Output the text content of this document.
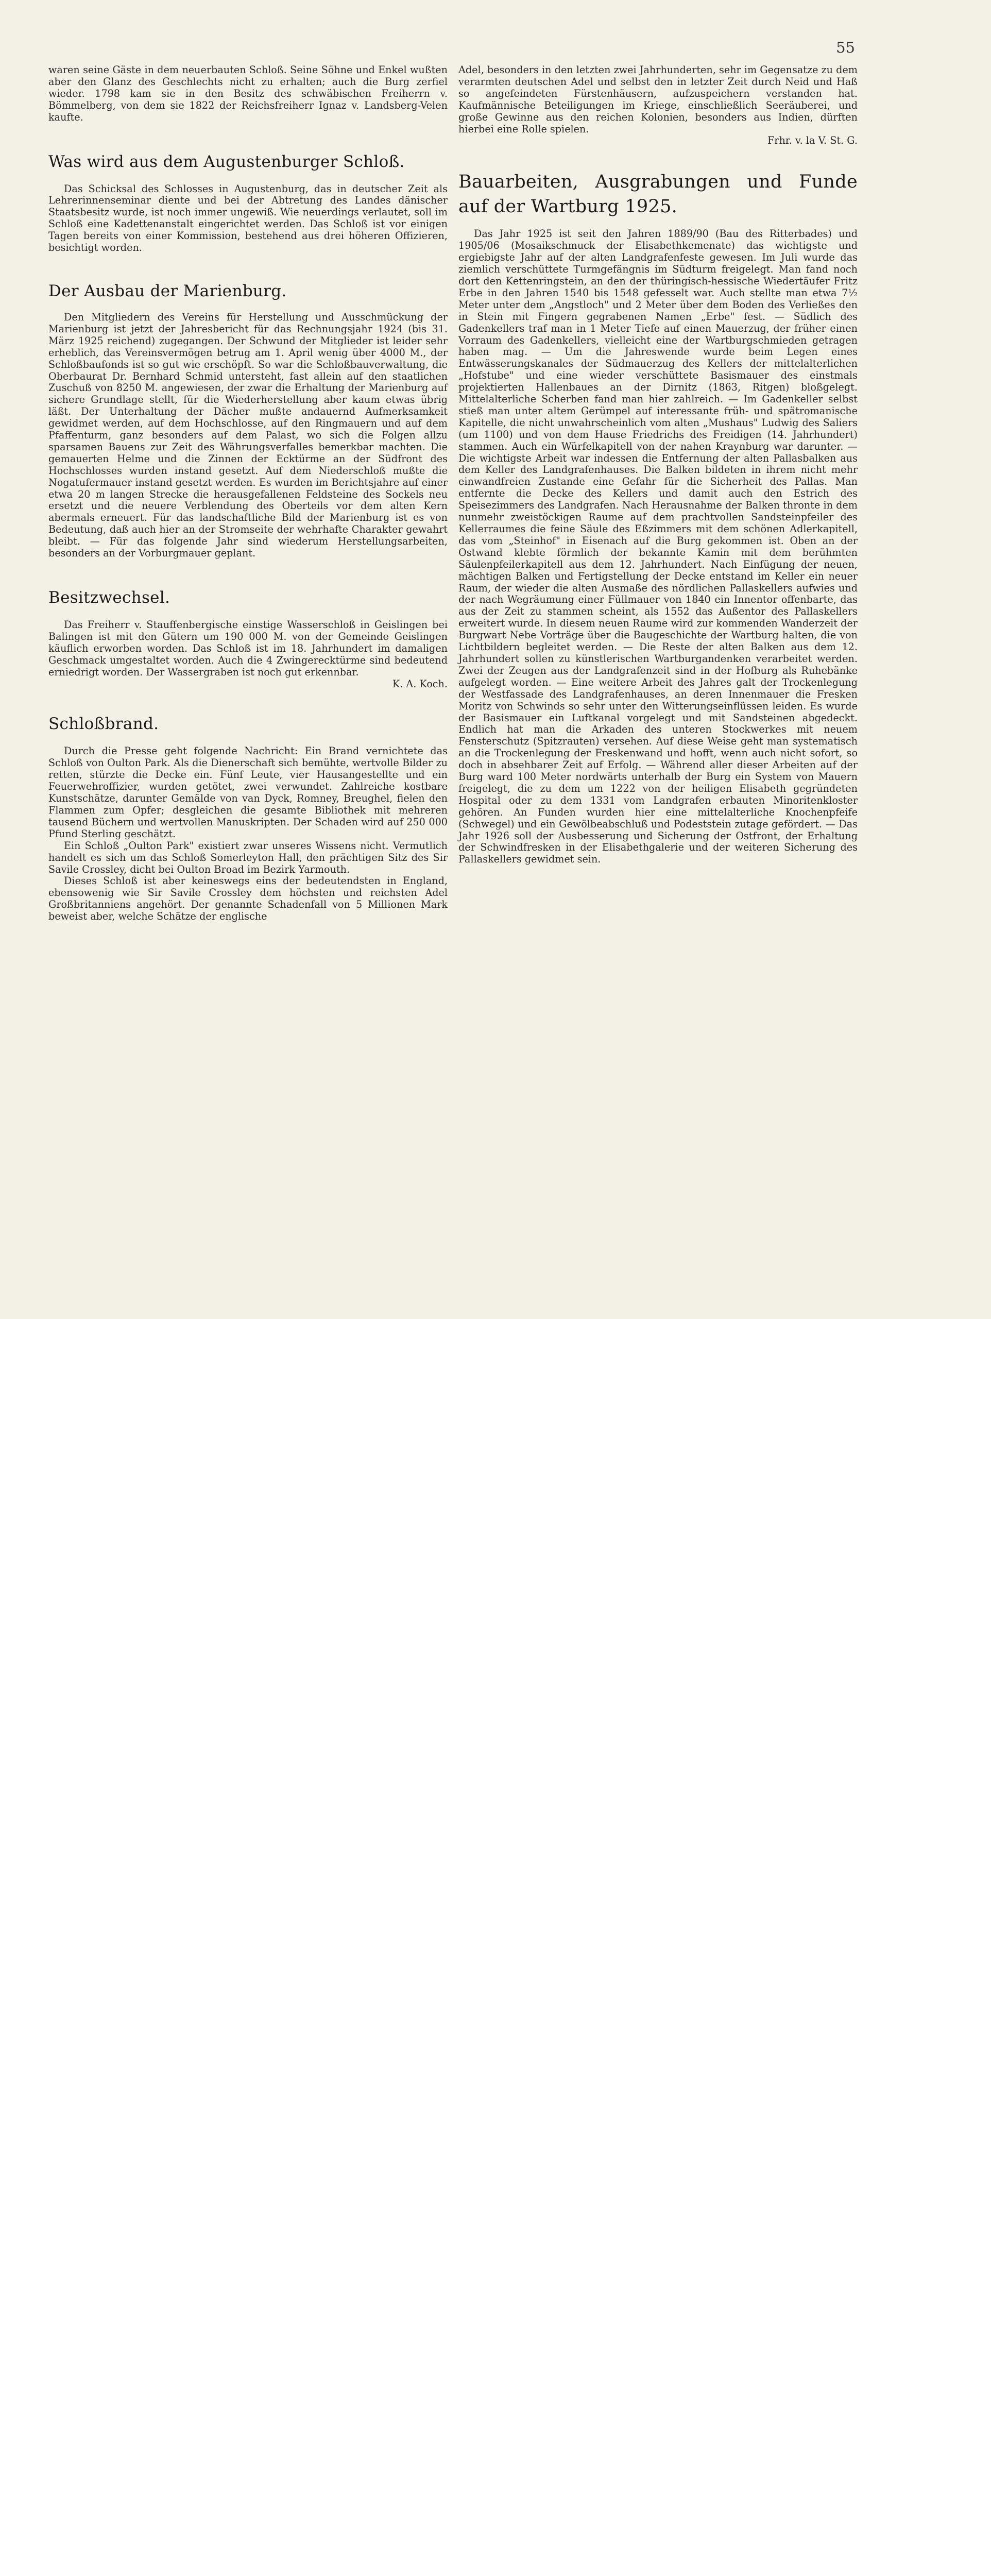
55

waren seine Gäste in dem neuerbauten Schloß. Seine Söhne und Enkel wußten aber den Glanz des Geschlechts nicht zu erhalten; auch die Burg zerfiel wieder. 1798 kam sie in den Besitz des schwäbischen Freiherrn v. Bömmelberg, von dem sie 1822 der Reichsfreiherr Ignaz v. Landsberg-Velen kaufte.

Was wird aus dem Augustenburger Schloß.

Das Schicksal des Schlosses in Augustenburg, das in deutscher Zeit als Lehrerinnenseminar diente und bei der Abtretung des Landes dänischer Staatsbesitz wurde, ist noch immer ungewiß. Wie neuerdings verlautet, soll im Schloß eine Kadettenanstalt eingerichtet werden. Das Schloß ist vor einigen Tagen bereits von einer Kommission, bestehend aus drei höheren Offizieren, besichtigt worden.

Der Ausbau der Marienburg.

Den Mitgliedern des Vereins für Herstellung und Ausschmückung der Marienburg ist jetzt der Jahresbericht für das Rechnungsjahr 1924 (bis 31. März 1925 reichend) zugegangen. Der Schwund der Mitglieder ist leider sehr erheblich, das Vereinsvermögen betrug am 1. April wenig über 4000 M., der Schloßbaufonds ist so gut wie erschöpft. So war die Schloßbauverwaltung, die Oberbaurat Dr. Bernhard Schmid untersteht, fast allein auf den staatlichen Zuschuß von 8250 M. angewiesen, der zwar die Erhaltung der Marienburg auf sichere Grundlage stellt, für die Wiederherstellung aber kaum etwas übrig läßt. Der Unterhaltung der Dächer mußte andauernd Aufmerksamkeit gewidmet werden, auf dem Hochschlosse, auf den Ringmauern und auf dem Pfaffenturm, ganz besonders auf dem Palast, wo sich die Folgen allzu sparsamen Bauens zur Zeit des Währungsverfalles bemerkbar machten. Die gemauerten Helme und die Zinnen der Ecktürme an der Südfront des Hochschlosses wurden instand gesetzt. Auf dem Niederschloß mußte die Nogatufermauer instand gesetzt werden. Es wurden im Berichtsjahre auf einer etwa 20 m langen Strecke die herausgefallenen Feldsteine des Sockels neu ersetzt und die neuere Verblendung des Oberteils vor dem alten Kern abermals erneuert. Für das landschaftliche Bild der Marienburg ist es von Bedeutung, daß auch hier an der Stromseite der wehrhafte Charakter gewahrt bleibt. — Für das folgende Jahr sind wiederum Herstellungsarbeiten, besonders an der Vorburgmauer geplant.

Besitzwechsel.

Das Freiherr v. Stauffenbergische einstige Wasserschloß in Geislingen bei Balingen ist mit den Gütern um 190 000 M. von der Gemeinde Geislingen käuflich erworben worden. Das Schloß ist im 18. Jahrhundert im damaligen Geschmack umgestaltet worden. Auch die 4 Zwingerecktürme sind bedeutend erniedrigt worden. Der Wassergraben ist noch gut erkennbar.

K. A. Koch.

Schloßbrand.

Durch die Presse geht folgende Nachricht: Ein Brand vernichtete das Schloß von Oulton Park. Als die Dienerschaft sich bemühte, wertvolle Bilder zu retten, stürzte die Decke ein. Fünf Leute, vier Hausangestellte und ein Feuerwehroffizier, wurden getötet, zwei verwundet. Zahlreiche kostbare Kunstschätze, darunter Gemälde von van Dyck, Romney, Breughel, fielen den Flammen zum Opfer; desgleichen die gesamte Bibliothek mit mehreren tausend Büchern und wertvollen Manuskripten. Der Schaden wird auf 250 000 Pfund Sterling geschätzt.

Ein Schloß „Oulton Park" existiert zwar unseres Wissens nicht. Vermutlich handelt es sich um das Schloß Somerleyton Hall, den prächtigen Sitz des Sir Savile Crossley, dicht bei Oulton Broad im Bezirk Yarmouth.

Dieses Schloß ist aber keineswegs eins der bedeutendsten in England, ebensowenig wie Sir Savile Crossley dem höchsten und reichsten Adel Großbritanniens angehört. Der genannte Schadenfall von 5 Millionen Mark beweist aber, welche Schätze der englische

Adel, besonders in den letzten zwei Jahrhunderten, sehr im Gegensatze zu dem verarmten deutschen Adel und selbst den in letzter Zeit durch Neid und Haß so angefeindeten Fürstenhäusern, aufzuspeichern verstanden hat. Kaufmännische Beteiligungen im Kriege, einschließlich Seeräuberei, und große Gewinne aus den reichen Kolonien, besonders aus Indien, dürften hierbei eine Rolle spielen.

Frhr. v. la V. St. G.

Bauarbeiten, Ausgrabungen und Funde auf der Wartburg 1925.

Das Jahr 1925 ist seit den Jahren 1889/90 (Bau des Ritterbades) und 1905/06 (Mosaikschmuck der Elisabethkemenate) das wichtigste und ergiebigste Jahr auf der alten Landgrafenfeste gewesen. Im Juli wurde das ziemlich verschüttete Turmgefängnis im Südturm freigelegt. Man fand noch dort den Kettenringstein, an den der thüringisch-hessische Wiedertäufer Fritz Erbe in den Jahren 1540 bis 1548 gefesselt war. Auch stellte man etwa 7½ Meter unter dem „Angstloch" und 2 Meter über dem Boden des Verließes den in Stein mit Fingern gegrabenen Namen „Erbe" fest. — Südlich des Gadenkellers traf man in 1 Meter Tiefe auf einen Mauerzug, der früher einen Vorraum des Gadenkellers, vielleicht eine der Wartburgschmieden getragen haben mag. — Um die Jahreswende wurde beim Legen eines Entwässerungskanales der Südmauerzug des Kellers der mittelalterlichen „Hofstube" und eine wieder verschüttete Basismauer des einstmals projektierten Hallenbaues an der Dirnitz (1863, Ritgen) bloßgelegt. Mittelalterliche Scherben fand man hier zahlreich. — Im Gadenkeller selbst stieß man unter altem Gerümpel auf interessante früh- und spätromanische Kapitelle, die nicht unwahrscheinlich vom alten „Mushaus" Ludwig des Saliers (um 1100) und von dem Hause Friedrichs des Freidigen (14. Jahrhundert) stammen. Auch ein Würfelkapitell von der nahen Kraynburg war darunter. — Die wichtigste Arbeit war indessen die Entfernung der alten Pallasbalken aus dem Keller des Landgrafenhauses. Die Balken bildeten in ihrem nicht mehr einwandfreien Zustande eine Gefahr für die Sicherheit des Pallas. Man entfernte die Decke des Kellers und damit auch den Estrich des Speisezimmers des Landgrafen. Nach Herausnahme der Balken thronte in dem nunmehr zweistöckigen Raume auf dem prachtvollen Sandsteinpfeiler des Kellerraumes die feine Säule des Eßzimmers mit dem schönen Adlerkapitell, das vom „Steinhof" in Eisenach auf die Burg gekommen ist. Oben an der Ostwand klebte förmlich der bekannte Kamin mit dem berühmten Säulenpfeilerkapitell aus dem 12. Jahrhundert. Nach Einfügung der neuen, mächtigen Balken und Fertigstellung der Decke entstand im Keller ein neuer Raum, der wieder die alten Ausmaße des nördlichen Pallaskellers aufwies und der nach Wegräumung einer Füllmauer von 1840 ein Innentor offenbarte, das aus der Zeit zu stammen scheint, als 1552 das Außentor des Pallaskellers erweitert wurde. In diesem neuen Raume wird zur kommenden Wanderzeit der Burgwart Nebe Vorträge über die Baugeschichte der Wartburg halten, die von Lichtbildern begleitet werden. — Die Reste der alten Balken aus dem 12. Jahrhundert sollen zu künstlerischen Wartburgandenken verarbeitet werden. Zwei der Zeugen aus der Landgrafenzeit sind in der Hofburg als Ruhebänke aufgelegt worden. — Eine weitere Arbeit des Jahres galt der Trockenlegung der Westfassade des Landgrafenhauses, an deren Innenmauer die Fresken Moritz von Schwinds so sehr unter den Witterungseinflüssen leiden. Es wurde der Basismauer ein Luftkanal vorgelegt und mit Sandsteinen abgedeckt. Endlich hat man die Arkaden des unteren Stockwerkes mit neuem Fensterschutz (Spitzrauten) versehen. Auf diese Weise geht man systematisch an die Trockenlegung der Freskenwand und hofft, wenn auch nicht sofort, so doch in absehbarer Zeit auf Erfolg. — Während aller dieser Arbeiten auf der Burg ward 100 Meter nordwärts unterhalb der Burg ein System von Mauern freigelegt, die zu dem um 1222 von der heiligen Elisabeth gegründeten Hospital oder zu dem 1331 vom Landgrafen erbauten Minoritenkloster gehören. An Funden wurden hier eine mittelalterliche Knochenpfeife (Schwegel) und ein Gewölbeabschluß und Podeststein zutage gefördert. — Das Jahr 1926 soll der Ausbesserung und Sicherung der Ostfront, der Erhaltung der Schwindfresken in der Elisabethgalerie und der weiteren Sicherung des Pallaskellers gewidmet sein.
